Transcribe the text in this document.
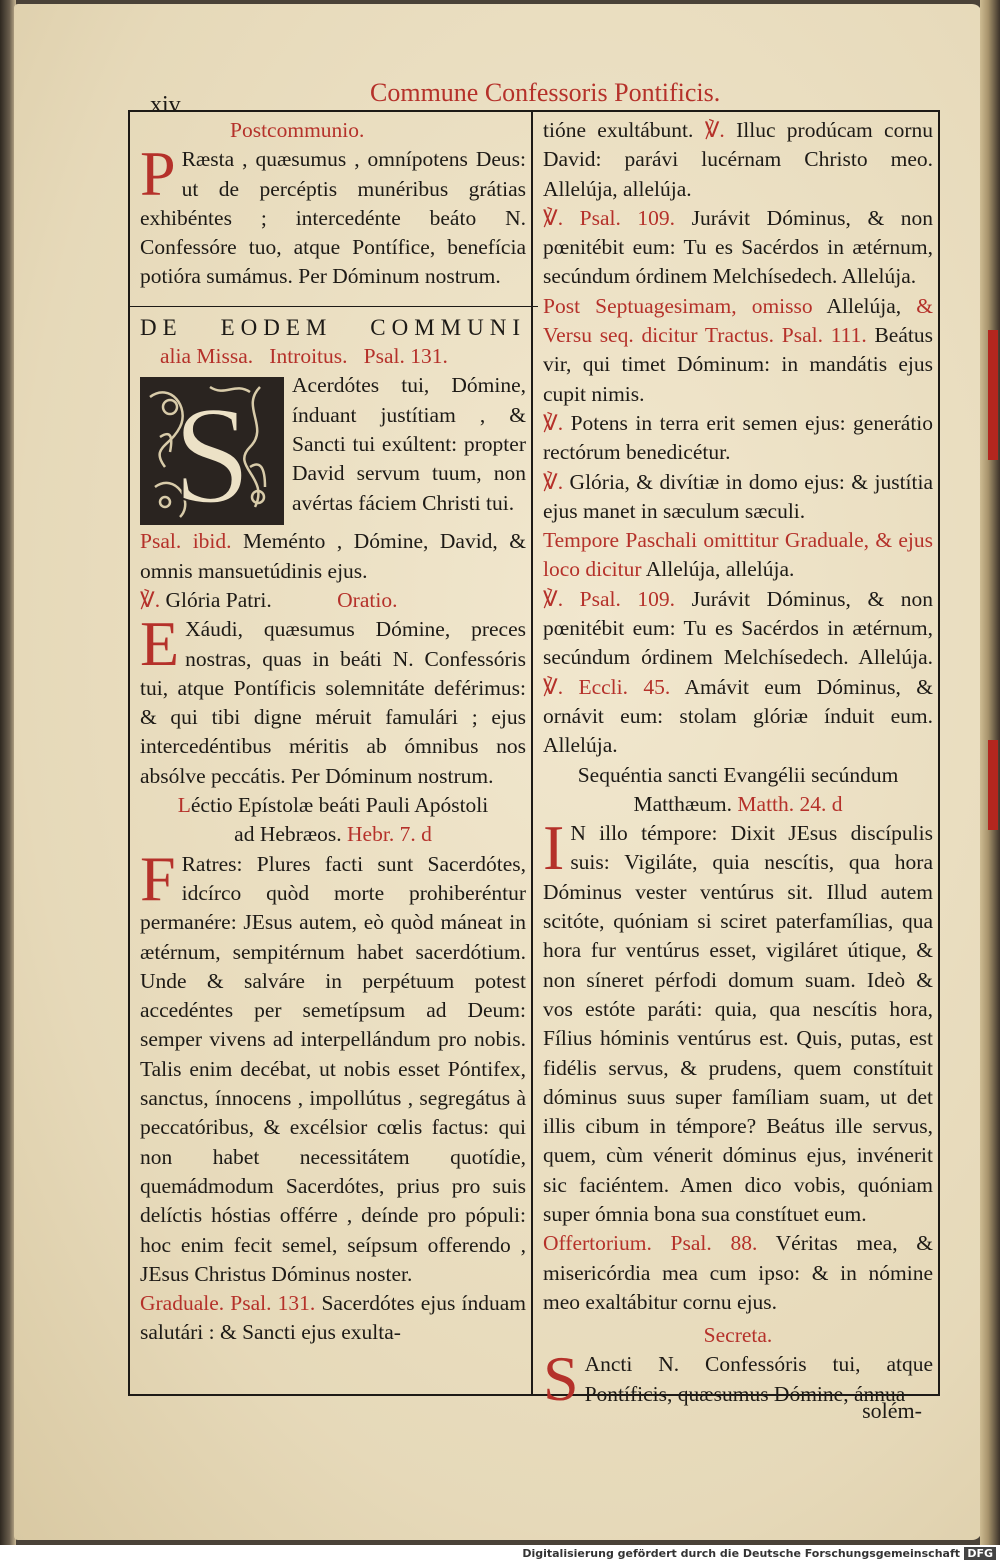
xiv	Commune Confessoris Pontificis.

Postcommunio.

P Ræsta , quæsumus , omnípotens Deus: ut de percéptis munéribus grátias exhibéntes ; intercedénte beáto N. Confessóre tuo, atque Pontífice, benefícia potióra sumámus. Per Dóminum nostrum.

DE EODEM COMMUNI

alia Missa. Introitus. Psal. 131.

S	Acerdótes tui, Dómine, índuant justítiam , & Sancti tui exúltent: propter David servum tuum, non avértas fáciem Christi tui.

Psal. ibid. Meménto , Dómine, David, & omnis mansuetúdinis ejus.

℣. Glória Patri.	Oratio.

E Xáudi, quæsumus Dómine, preces nostras, quas in beáti N. Confessóris tui, atque Pontíficis solemnitáte deférimus: & qui tibi digne méruit famulári ; ejus intercedéntibus méritis ab ómnibus nos absólve peccátis. Per Dóminum nostrum.

Léctio Epístolæ beáti Pauli Apóstoli
ad Hebræos. Hebr. 7. d

F Ratres: Plures facti sunt Sacerdótes, idcírco quòd morte prohiberéntur permanére: JEsus autem, eò quòd máneat in ætérnum, sempitérnum habet sacerdótium. Unde & salváre in perpétuum potest accedéntes per semetípsum ad Deum: semper vivens ad interpellándum pro nobis. Talis enim decébat, ut nobis esset Póntifex, sanctus, ínnocens , impollútus , segregátus à peccatóribus, & excélsior cœlis factus: qui non habet necessitátem quotídie, quemádmodum Sacerdótes, prius pro suis delíctis hóstias offérre , deínde pro pópuli: hoc enim fecit semel, seípsum offerendo , JEsus Christus Dóminus noster.

Graduale. Psal. 131. Sacerdótes ejus índuam salutári : & Sancti ejus exulta-

tióne exultábunt. ℣. Illuc prodúcam cornu David: parávi lucérnam Christo meo. Allelúja, allelúja.

℣. Psal. 109. Jurávit Dóminus, & non pœnitébit eum: Tu es Sacérdos in ætérnum, secúndum órdinem Melchísedech. Allelúja.

Post Septuagesimam, omisso Allelúja, & Versu seq. dicitur Tractus. Psal. 111. Beátus vir, qui timet Dóminum: in mandátis ejus cupit nimis.

℣. Potens in terra erit semen ejus: generátio rectórum benedicétur.

℣. Glória, & divítiæ in domo ejus: & justítia ejus manet in sæculum sæculi.

Tempore Paschali omittitur Graduale, & ejus loco dicitur Allelúja, allelúja.

℣. Psal. 109. Jurávit Dóminus, & non pœnitébit eum: Tu es Sacérdos in ætérnum, secúndum órdinem Melchísedech. Allelúja. ℣. Eccli. 45. Amávit eum Dóminus, & ornávit eum: stolam glóriæ índuit eum. Allelúja.

Sequéntia sancti Evangélii secúndum
Matthæum. Matth. 24. d

I N illo témpore: Dixit JEsus discípulis suis: Vigiláte, quia nescítis, qua hora Dóminus vester ventúrus sit. Illud autem scitóte, quóniam si sciret paterfamílias, qua hora fur ventúrus esset, vigiláret útique, & non síneret pérfodi domum suam. Ideò & vos estóte paráti: quia, qua nescítis hora, Fílius hóminis ventúrus est. Quis, putas, est fidélis servus, & prudens, quem constítuit dóminus suus super famíliam suam, ut det illis cibum in témpore? Beátus ille servus, quem, cùm vénerit dóminus ejus, invénerit sic faciéntem. Amen dico vobis, quóniam super ómnia bona sua constítuet eum.

Offertorium. Psal. 88. Véritas mea, & misericórdia mea cum ipso: & in nómine meo exaltábitur cornu ejus.

Secreta.

S Ancti N. Confessóris tui, atque Pontíficis, quæsumus Dómine, ánnua

solém-
Digitalisierung gefördert durch die Deutsche Forschungsgemeinschaft DFG
